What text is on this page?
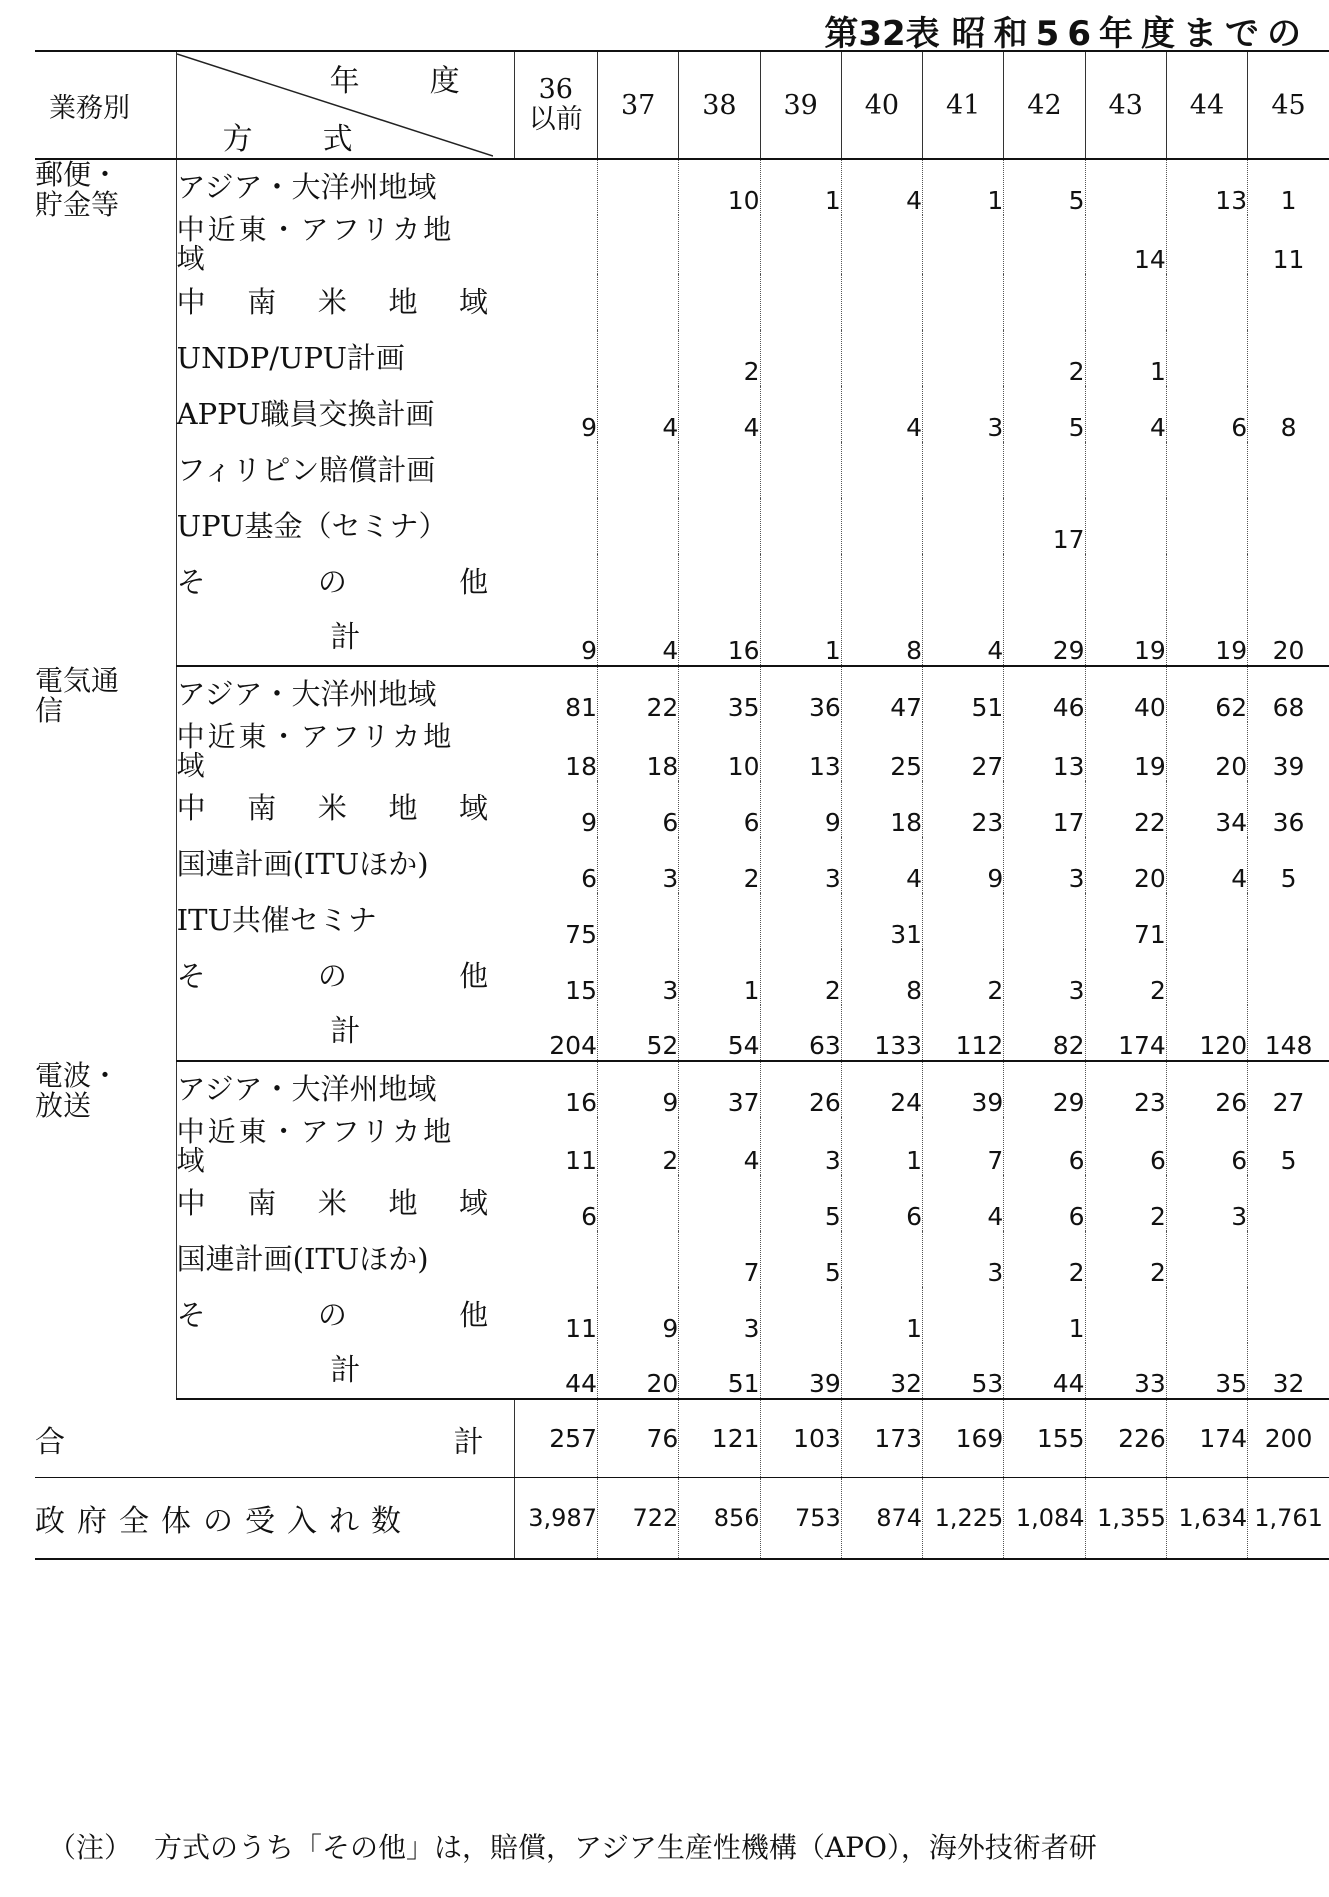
第32表 昭和56年度までの
業務別	年　度
方　式	36
以前	37	38	39	40	41	42	43	44	45
郵便・
貯金等	アジア・大洋州地域			10	1	4	1	5		13	1

	中近東・アフリカ地
域								14		11

	中 南 米 地 域										

	UNDP/UPU計画			2				2	1		
	APPU職員交換計画	9	4	4		4	3	5	4	6	8
	フィリピン賠償計画										
	UPU基金（セミナ）							17			

	そ の 他										

	計	9	4	16	1	8	4	29	19	19	20
電気通
信	アジア・大洋州地域	81	22	35	36	47	51	46	40	62	68

	中近東・アフリカ地
域	18	18	10	13	25	27	13	19	20	39

	中 南 米 地 域	9	6	6	9	18	23	17	22	34	36
	国連計画(ITUほか)	6	3	2	3	4	9	3	20	4	5
	ITU共催セミナ	75				31			71		

	そ の 他	15	3	1	2	8	2	3	2		
	計	204	52	54	63	133	112	82	174	120	148
電波・
放送	アジア・大洋州地域	16	9	37	26	24	39	29	23	26	27

	中近東・アフリカ地
域	11	2	4	3	1	7	6	6	6	5

	中 南 米 地 域	6			5	6	4	6	2	3	
	国連計画(ITUほか)			7	5		3	2	2		

	そ の 他	11	9	3		1		1			
	計	44	20	51	39	32	53	44	33	35	32

合 計		257	76	121	103	173	169	155	226	174	200
政府全体の受入れ数		3,987	722	856	753	874	1,225	1,084	1,355	1,634	1,761
（注） 方式のうち「その他」は，賠償，アジア生産性機構（APO），海外技術者研
